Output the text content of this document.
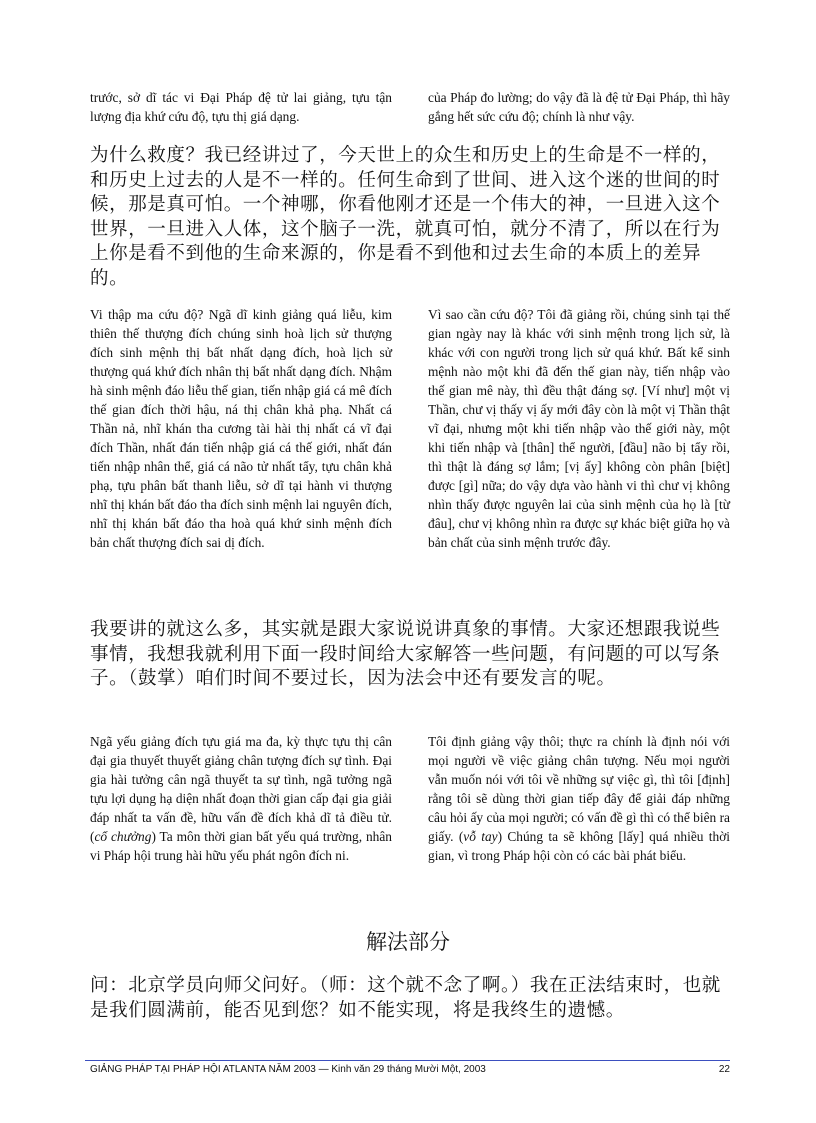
trước, sở dĩ tác vi Đại Pháp đệ tử lai giảng, tựu tận lượng địa khứ cứu độ, tựu thị giá dạng.

của Pháp đo lường; do vậy đã là đệ tử Đại Pháp, thì hãy gắng hết sức cứu độ; chính là như vậy.

为什么救度？我已经讲过了，今天世上的众生和历史上的生命是不一样的，和历史上过去的人是不一样的。任何生命到了世间、进入这个迷的世间的时候，那是真可怕。一个神哪，你看他刚才还是一个伟大的神，一旦进入这个世界，一旦进入人体，这个脑子一洗，就真可怕，就分不清了，所以在行为上你是看不到他的生命来源的，你是看不到他和过去生命的本质上的差异的。

Vi thập ma cứu độ? Ngã dĩ kinh giảng quá liễu, kim thiên thế thượng đích chúng sinh hoà lịch sử thượng đích sinh mệnh thị bất nhất dạng đích, hoà lịch sử thượng quá khứ đích nhân thị bất nhất dạng đích. Nhậm hà sinh mệnh đáo liễu thế gian, tiến nhập giá cá mê đích thế gian đích thời hậu, ná thị chân khả phạ. Nhất cá Thần nả, nhĩ khán tha cương tài hài thị nhất cá vĩ đại đích Thần, nhất đán tiến nhập giá cá thế giới, nhất đán tiến nhập nhân thể, giá cá não tử nhất tẩy, tựu chân khả phạ, tựu phân bất thanh liễu, sở dĩ tại hành vi thượng nhĩ thị khán bất đáo tha đích sinh mệnh lai nguyên đích, nhĩ thị khán bất đáo tha hoà quá khứ sinh mệnh đích bản chất thượng đích sai dị đích.

Vì sao cần cứu độ? Tôi đã giảng rồi, chúng sinh tại thế gian ngày nay là khác với sinh mệnh trong lịch sử, là khác với con người trong lịch sử quá khứ. Bất kể sinh mệnh nào một khi đã đến thế gian này, tiến nhập vào thế gian mê này, thì đều thật đáng sợ. [Ví như] một vị Thần, chư vị thấy vị ấy mới đây còn là một vị Thần thật vĩ đại, nhưng một khi tiến nhập vào thế giới này, một khi tiến nhập và [thân] thể người, [đầu] não bị tẩy rồi, thì thật là đáng sợ lắm; [vị ấy] không còn phân [biệt] được [gì] nữa; do vậy dựa vào hành vi thì chư vị không nhìn thấy được nguyên lai của sinh mệnh của họ là [từ đâu], chư vị không nhìn ra được sự khác biệt giữa họ và bản chất của sinh mệnh trước đây.

我要讲的就这么多，其实就是跟大家说说讲真象的事情。大家还想跟我说些事情，我想我就利用下面一段时间给大家解答一些问题，有问题的可以写条子。（鼓掌）咱们时间不要过长，因为法会中还有要发言的呢。

Ngã yếu giảng đích tựu giá ma đa, kỳ thực tựu thị cân đại gia thuyết thuyết giảng chân tượng đích sự tình. Đại gia hài tưởng cân ngã thuyết ta sự tình, ngã tưởng ngã tựu lợi dụng hạ diện nhất đoạn thời gian cấp đại gia giải đáp nhất ta vấn đề, hữu vấn đề đích khả dĩ tả điều tử. (cổ chưởng) Ta môn thời gian bất yếu quá trường, nhân vi Pháp hội trung hài hữu yếu phát ngôn đích ni.

Tôi định giảng vậy thôi; thực ra chính là định nói với mọi người về việc giảng chân tượng. Nếu mọi người vẫn muốn nói với tôi về những sự việc gì, thì tôi [định] rằng tôi sẽ dùng thời gian tiếp đây để giải đáp những câu hỏi ấy của mọi người; có vấn đề gì thì có thể biên ra giấy. (vỗ tay) Chúng ta sẽ không [lấy] quá nhiều thời gian, vì trong Pháp hội còn có các bài phát biểu.

解法部分

问：北京学员向师父问好。（师：这个就不念了啊。）我在正法结束时，也就是我们圆满前，能否见到您？如不能实现，将是我终生的遗憾。

GIẢNG PHÁP TẠI PHÁP HỘI ATLANTA NĂM 2003 — Kinh văn 29 tháng Mười Một, 2003	22
